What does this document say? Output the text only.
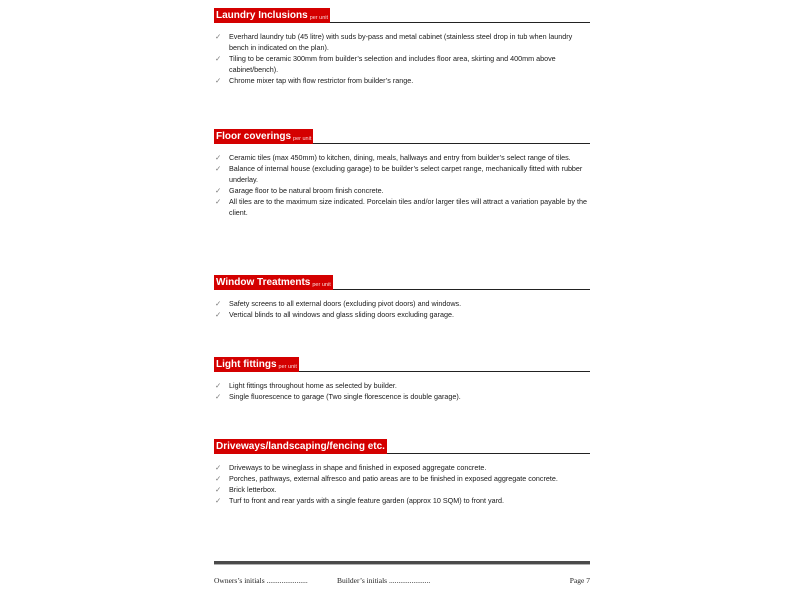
Laundry Inclusions per unit
✓ Everhard laundry tub (45 litre) with suds by-pass and metal cabinet (stainless steel drop in tub when laundry bench in indicated on the plan).
✓ Tiling to be ceramic 300mm from builder’s selection and includes floor area, skirting and 400mm above cabinet/bench).
✓ Chrome mixer tap with flow restrictor from builder’s range.
Floor coverings per unit
✓ Ceramic tiles (max 450mm) to kitchen, dining, meals, hallways and entry from builder’s select range of tiles.
✓ Balance of internal house (excluding garage) to be builder’s select carpet range, mechanically fitted with rubber underlay.
✓ Garage floor to be natural broom finish concrete.
✓ All tiles are to the maximum size indicated. Porcelain tiles and/or larger tiles will attract a variation payable by the client.
Window Treatments per unit
✓ Safety screens to all external doors (excluding pivot doors) and windows.
✓ Vertical blinds to all windows and glass sliding doors excluding garage.
Light fittings per unit
✓ Light fittings throughout home as selected by builder.
✓ Single fluorescence to garage (Two single florescence is double garage).
Driveways/landscaping/fencing etc.
✓ Driveways to be wineglass in shape and finished in exposed aggregate concrete.
✓ Porches, pathways, external alfresco and patio areas are to be finished in exposed aggregate concrete.
✓ Brick letterbox.
✓ Turf to front and rear yards with a single feature garden (approx 10 SQM) to front yard.
Owners’s initials ......................	Builder’s initials ......................	Page 7
